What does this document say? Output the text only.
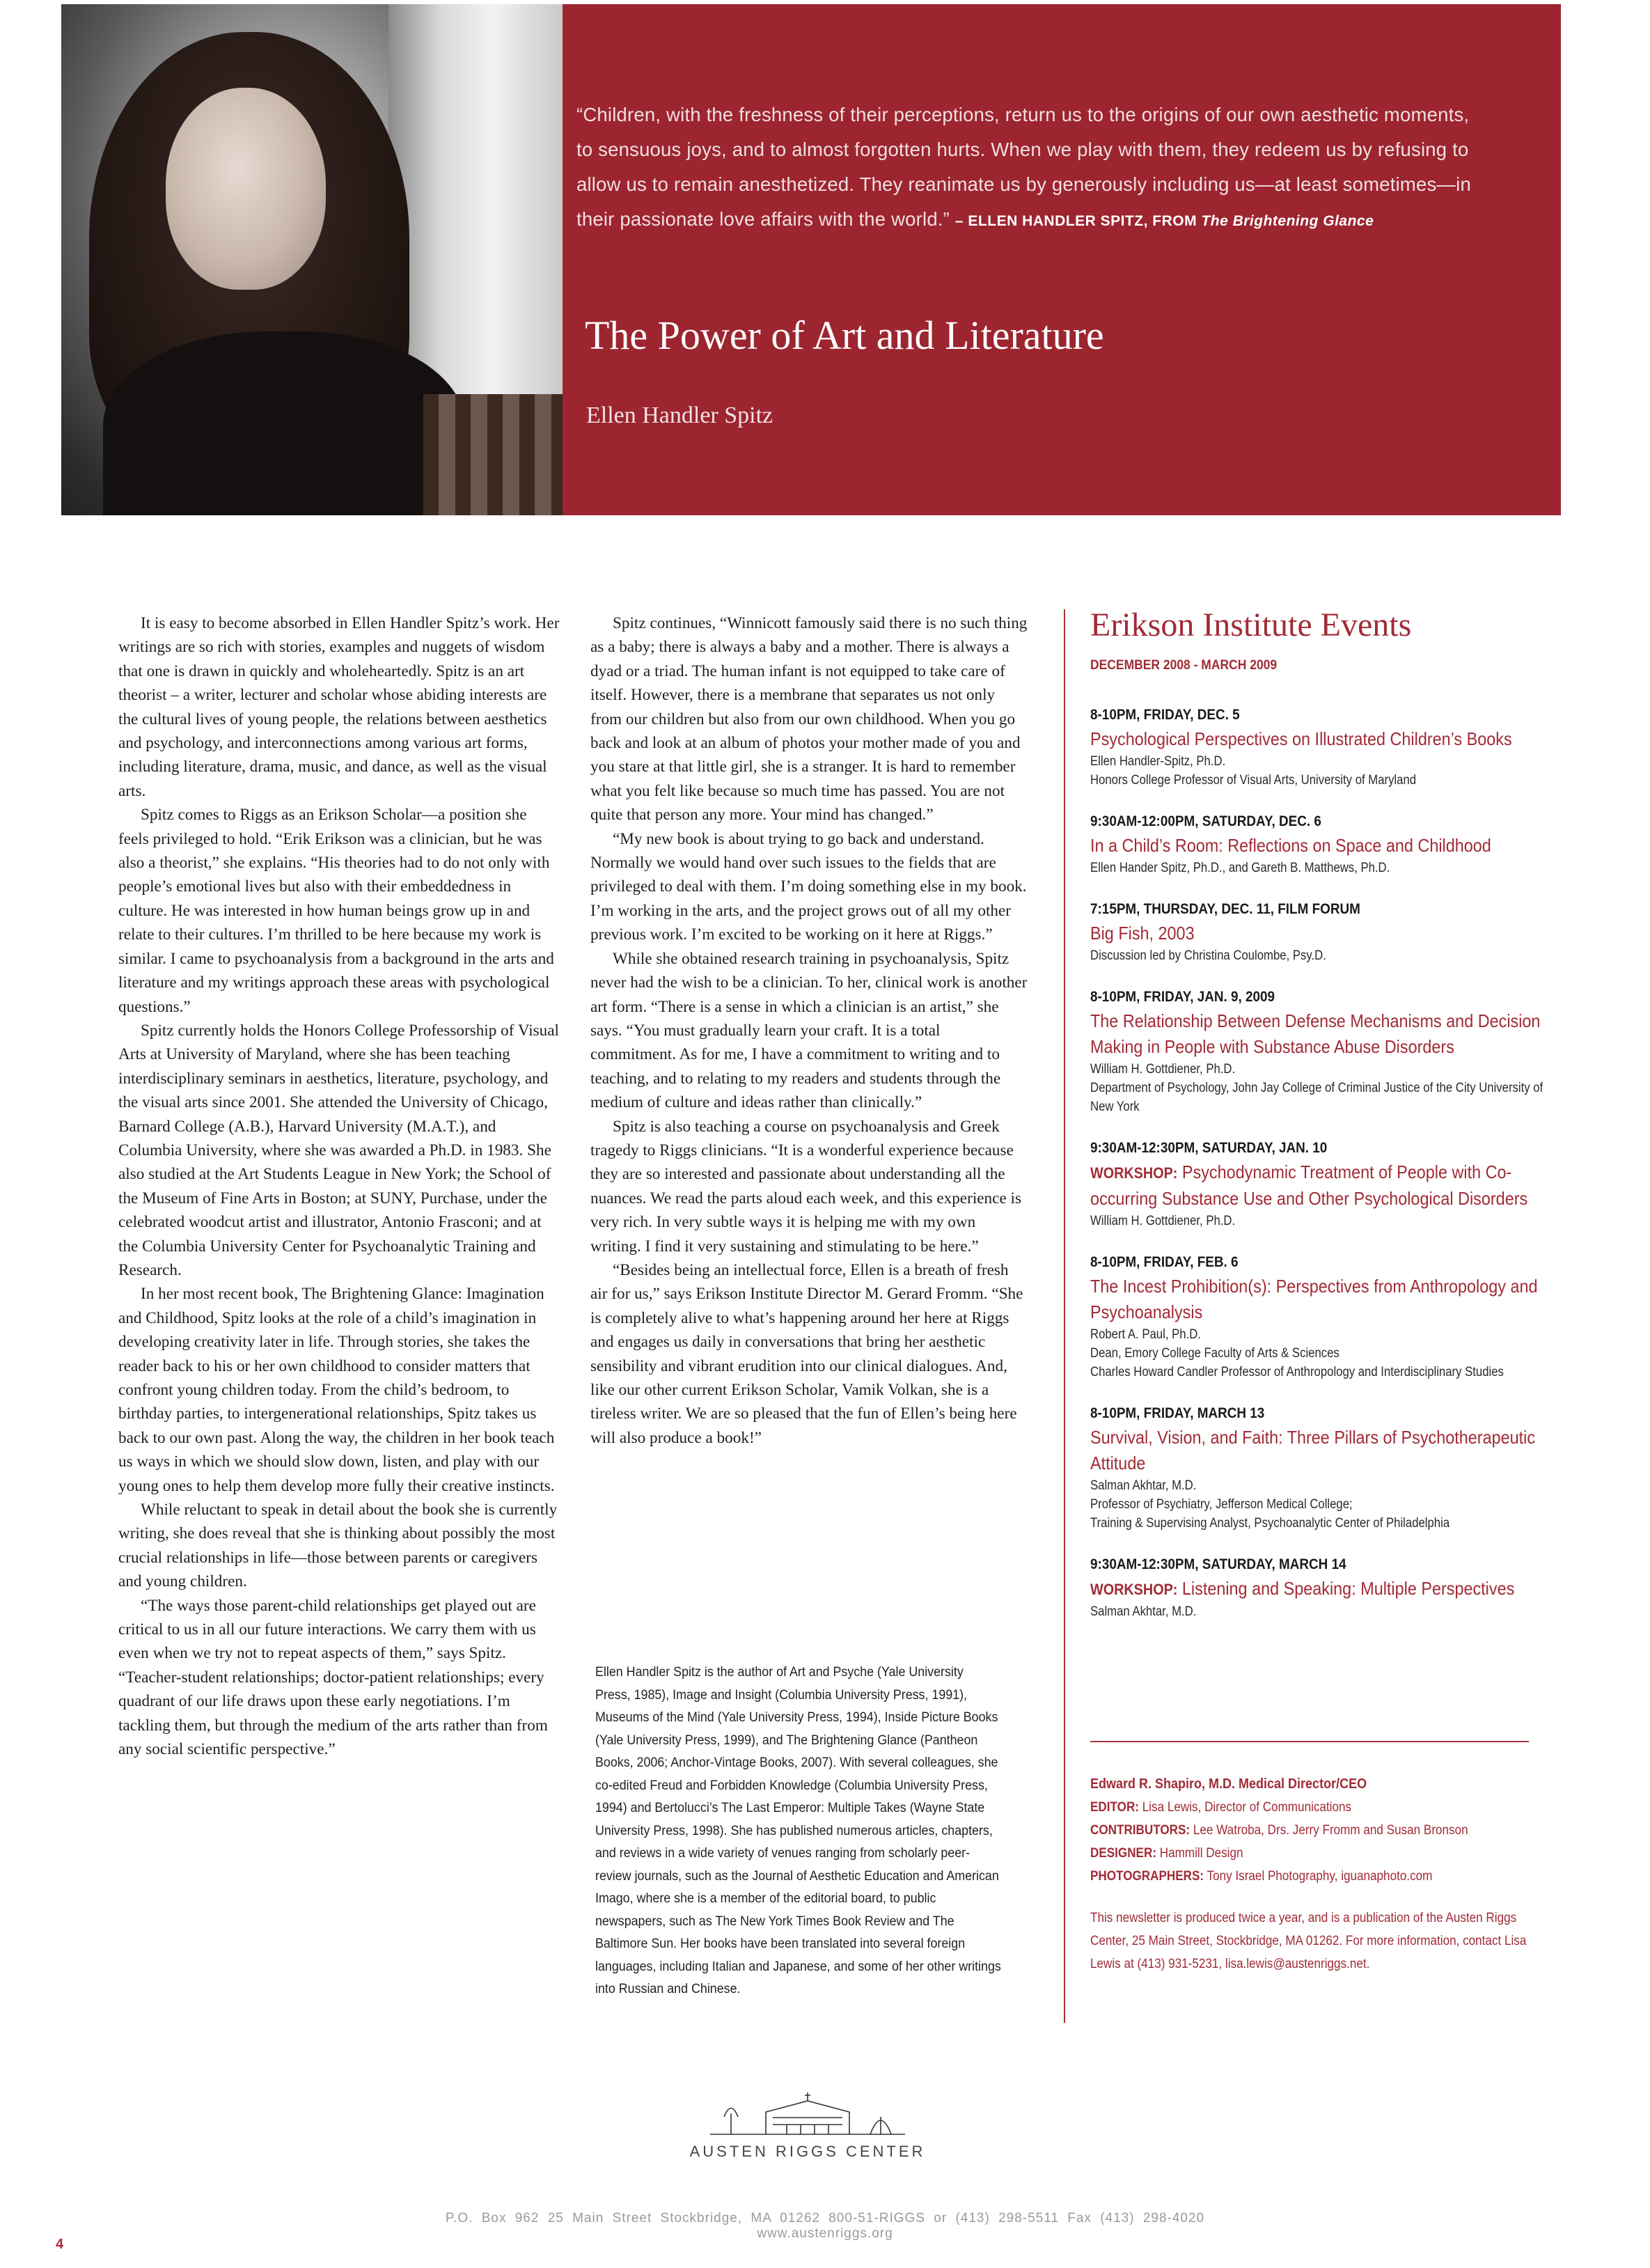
“Children, with the freshness of their perceptions, return us to the origins of our own aesthetic moments, to sensuous joys, and to almost forgotten hurts. When we play with them, they redeem us by refusing to allow us to remain anesthetized. They reanimate us by generously including us—at least sometimes—in their passionate love affairs with the world.” – ELLEN HANDLER SPITZ, FROM The Brightening Glance
The Power of Art and Literature
Ellen Handler Spitz

It is easy to become absorbed in Ellen Handler Spitz’s work. Her writings are so rich with stories, examples and nuggets of wisdom that one is drawn in quickly and wholeheartedly. Spitz is an art theorist – a writer, lecturer and scholar whose abiding interests are the cultural lives of young people, the relations between aesthetics and psychology, and interconnections among various art forms, including literature, drama, music, and dance, as well as the visual arts.

Spitz comes to Riggs as an Erikson Scholar—a position she feels privileged to hold. “Erik Erikson was a clinician, but he was also a theorist,” she explains. “His theories had to do not only with people’s emotional lives but also with their embeddedness in culture. He was interested in how human beings grow up in and relate to their cultures. I’m thrilled to be here because my work is similar. I came to psychoanalysis from a background in the arts and literature and my writings approach these areas with psychological questions.”

Spitz currently holds the Honors College Professorship of Visual Arts at University of Maryland, where she has been teaching interdisciplinary seminars in aesthetics, literature, psychology, and the visual arts since 2001. She attended the University of Chicago, Barnard College (A.B.), Harvard University (M.A.T.), and Columbia University, where she was awarded a Ph.D. in 1983. She also studied at the Art Students League in New York; the School of the Museum of Fine Arts in Boston; at SUNY, Purchase, under the celebrated woodcut artist and illustrator, Antonio Frasconi; and at the Columbia University Center for Psychoanalytic Training and Research.

In her most recent book, The Brightening Glance: Imagination and Childhood, Spitz looks at the role of a child’s imagination in developing creativity later in life. Through stories, she takes the reader back to his or her own childhood to consider matters that confront young children today. From the child’s bedroom, to birthday parties, to intergenerational relationships, Spitz takes us back to our own past. Along the way, the children in her book teach us ways in which we should slow down, listen, and play with our young ones to help them develop more fully their creative instincts.

While reluctant to speak in detail about the book she is currently writing, she does reveal that she is thinking about possibly the most crucial relationships in life—those between parents or caregivers and young children.

“The ways those parent-child relationships get played out are critical to us in all our future interactions. We carry them with us even when we try not to repeat aspects of them,” says Spitz. “Teacher-student relationships; doctor-patient relationships; every quadrant of our life draws upon these early negotiations. I’m tackling them, but through the medium of the arts rather than from any social scientific perspective.”

Spitz continues, “Winnicott famously said there is no such thing as a baby; there is always a baby and a mother. There is always a dyad or a triad. The human infant is not equipped to take care of itself. However, there is a membrane that separates us not only from our children but also from our own childhood. When you go back and look at an album of photos your mother made of you and you stare at that little girl, she is a stranger. It is hard to remember what you felt like because so much time has passed. You are not quite that person any more. Your mind has changed.”

“My new book is about trying to go back and understand. Normally we would hand over such issues to the fields that are privileged to deal with them. I’m doing something else in my book. I’m working in the arts, and the project grows out of all my other previous work. I’m excited to be working on it here at Riggs.”

While she obtained research training in psychoanalysis, Spitz never had the wish to be a clinician. To her, clinical work is another art form. “There is a sense in which a clinician is an artist,” she says. “You must gradually learn your craft. It is a total commitment. As for me, I have a commitment to writing and to teaching, and to relating to my readers and students through the medium of culture and ideas rather than clinically.”

Spitz is also teaching a course on psychoanalysis and Greek tragedy to Riggs clinicians. “It is a wonderful experience because they are so interested and passionate about understanding all the nuances. We read the parts aloud each week, and this experience is very rich. In very subtle ways it is helping me with my own writing. I find it very sustaining and stimulating to be here.”

“Besides being an intellectual force, Ellen is a breath of fresh air for us,” says Erikson Institute Director M. Gerard Fromm. “She is completely alive to what’s happening around her here at Riggs and engages us daily in conversations that bring her aesthetic sensibility and vibrant erudition into our clinical dialogues. And, like our other current Erikson Scholar, Vamik Volkan, she is a tireless writer. We are so pleased that the fun of Ellen’s being here will also produce a book!”

Ellen Handler Spitz is the author of Art and Psyche (Yale University Press, 1985), Image and Insight (Columbia University Press, 1991), Museums of the Mind (Yale University Press, 1994), Inside Picture Books (Yale University Press, 1999), and The Brightening Glance (Pantheon Books, 2006; Anchor-Vintage Books, 2007). With several colleagues, she co-edited Freud and Forbidden Knowledge (Columbia University Press, 1994) and Bertolucci’s The Last Emperor: Multiple Takes (Wayne State University Press, 1998). She has published numerous articles, chapters, and reviews in a wide variety of venues ranging from scholarly peer-review journals, such as the Journal of Aesthetic Education and American Imago, where she is a member of the editorial board, to public newspapers, such as The New York Times Book Review and The Baltimore Sun. Her books have been translated into several foreign languages, including Italian and Japanese, and some of her other writings into Russian and Chinese.
Erikson Institute Events
DECEMBER 2008 - MARCH 2009
8-10PM, FRIDAY, DEC. 5
Psychological Perspectives on Illustrated Children’s Books
Ellen Handler-Spitz, Ph.D.
Honors College Professor of Visual Arts, University of Maryland
9:30AM-12:00PM, SATURDAY, DEC. 6
In a Child’s Room: Reflections on Space and Childhood
Ellen Hander Spitz, Ph.D., and Gareth B. Matthews, Ph.D.
7:15PM, THURSDAY, DEC. 11, FILM FORUM
Big Fish, 2003
Discussion led by Christina Coulombe, Psy.D.
8-10PM, FRIDAY, JAN. 9, 2009
The Relationship Between Defense Mechanisms and Decision Making in People with Substance Abuse Disorders
William H. Gottdiener, Ph.D.
Department of Psychology, John Jay College of Criminal Justice of the City University of New York
9:30AM-12:30PM, SATURDAY, JAN. 10
WORKSHOP: Psychodynamic Treatment of People with Co-occurring Substance Use and Other Psychological Disorders
William H. Gottdiener, Ph.D.
8-10PM, FRIDAY, FEB. 6
The Incest Prohibition(s): Perspectives from Anthropology and Psychoanalysis
Robert A. Paul, Ph.D.
Dean, Emory College Faculty of Arts & Sciences
Charles Howard Candler Professor of Anthropology and Interdisciplinary Studies
8-10PM, FRIDAY, MARCH 13
Survival, Vision, and Faith: Three Pillars of Psychotherapeutic Attitude
Salman Akhtar, M.D.
Professor of Psychiatry, Jefferson Medical College;
Training & Supervising Analyst, Psychoanalytic Center of Philadelphia
9:30AM-12:30PM, SATURDAY, MARCH 14
WORKSHOP: Listening and Speaking: Multiple Perspectives
Salman Akhtar, M.D.
Edward R. Shapiro, M.D. Medical Director/CEO
EDITOR: Lisa Lewis, Director of Communications
CONTRIBUTORS: Lee Watroba, Drs. Jerry Fromm and Susan Bronson
DESIGNER: Hammill Design
PHOTOGRAPHERS: Tony Israel Photography, iguanaphoto.com
This newsletter is produced twice a year, and is a publication of the Austen Riggs Center, 25 Main Street, Stockbridge, MA 01262. For more information, contact Lisa Lewis at (413) 931-5231, lisa.lewis@austenriggs.net.
AUSTEN RIGGS CENTER
P.O. Box 962 25 Main Street Stockbridge, MA 01262 800-51-RIGGS or (413) 298-5511 Fax (413) 298-4020 www.austenriggs.org
4
